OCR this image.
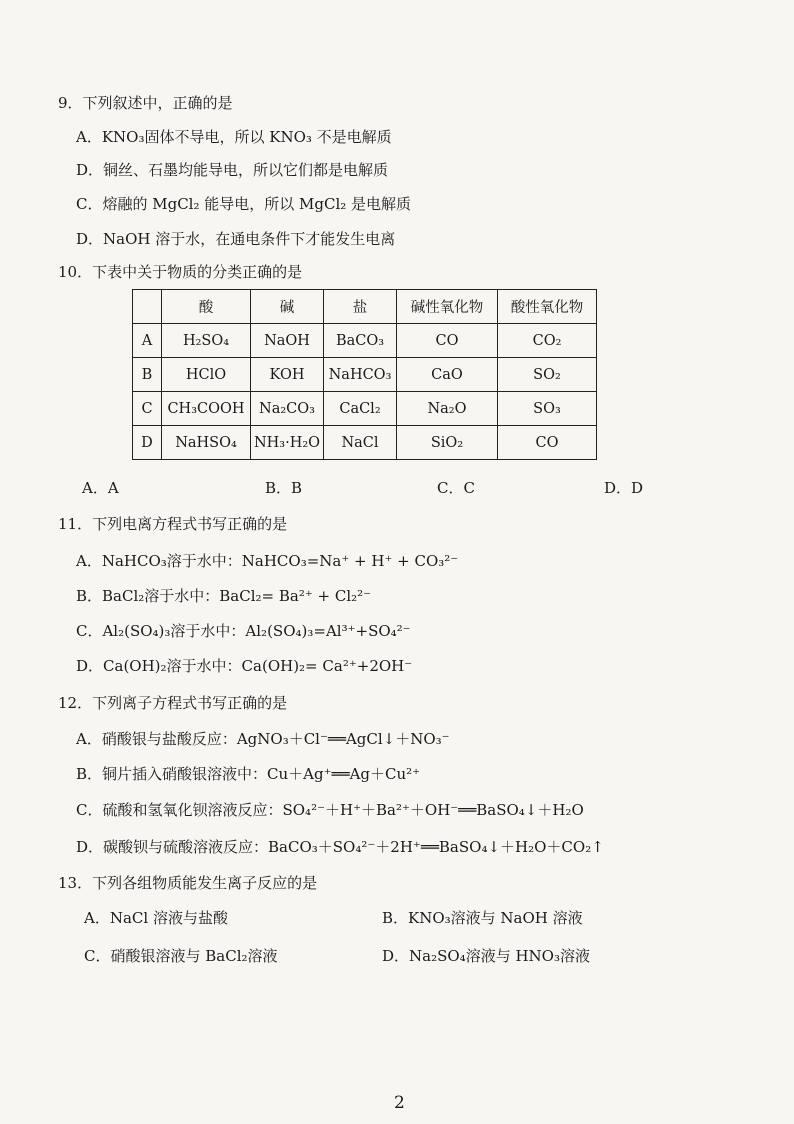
9．下列叙述中，正确的是
A．KNO₃固体不导电，所以 KNO₃ 不是电解质
D．铜丝、石墨均能导电，所以它们都是电解质
C．熔融的 MgCl₂ 能导电，所以 MgCl₂ 是电解质
D．NaOH 溶于水，在通电条件下才能发生电离
10．下表中关于物质的分类正确的是
	酸	碱	盐	碱性氧化物	酸性氧化物
A	H₂SO₄	NaOH	BaCO₃	CO	CO₂
B	HClO	KOH	NaHCO₃	CaO	SO₂
C	CH₃COOH	Na₂CO₃	CaCl₂	Na₂O	SO₃
D	NaHSO₄	NH₃·H₂O	NaCl	SiO₂	CO
A．A	B．B	C．C	D．D
11．下列电离方程式书写正确的是
A．NaHCO₃溶于水中：NaHCO₃=Na⁺ + H⁺ + CO₃²⁻
B．BaCl₂溶于水中：BaCl₂= Ba²⁺ + Cl₂²⁻
C．Al₂(SO₄)₃溶于水中：Al₂(SO₄)₃=Al³⁺+SO₄²⁻
D．Ca(OH)₂溶于水中：Ca(OH)₂= Ca²⁺+2OH⁻
12．下列离子方程式书写正确的是
A．硝酸银与盐酸反应：AgNO₃＋Cl⁻══AgCl↓＋NO₃⁻
B．铜片插入硝酸银溶液中：Cu＋Ag⁺══Ag＋Cu²⁺
C．硫酸和氢氧化钡溶液反应：SO₄²⁻＋H⁺＋Ba²⁺＋OH⁻══BaSO₄↓＋H₂O
D．碳酸钡与硫酸溶液反应：BaCO₃＋SO₄²⁻＋2H⁺══BaSO₄↓＋H₂O＋CO₂↑
13．下列各组物质能发生离子反应的是
A．NaCl 溶液与盐酸	B．KNO₃溶液与 NaOH 溶液
C．硝酸银溶液与 BaCl₂溶液	D．Na₂SO₄溶液与 HNO₃溶液
2
